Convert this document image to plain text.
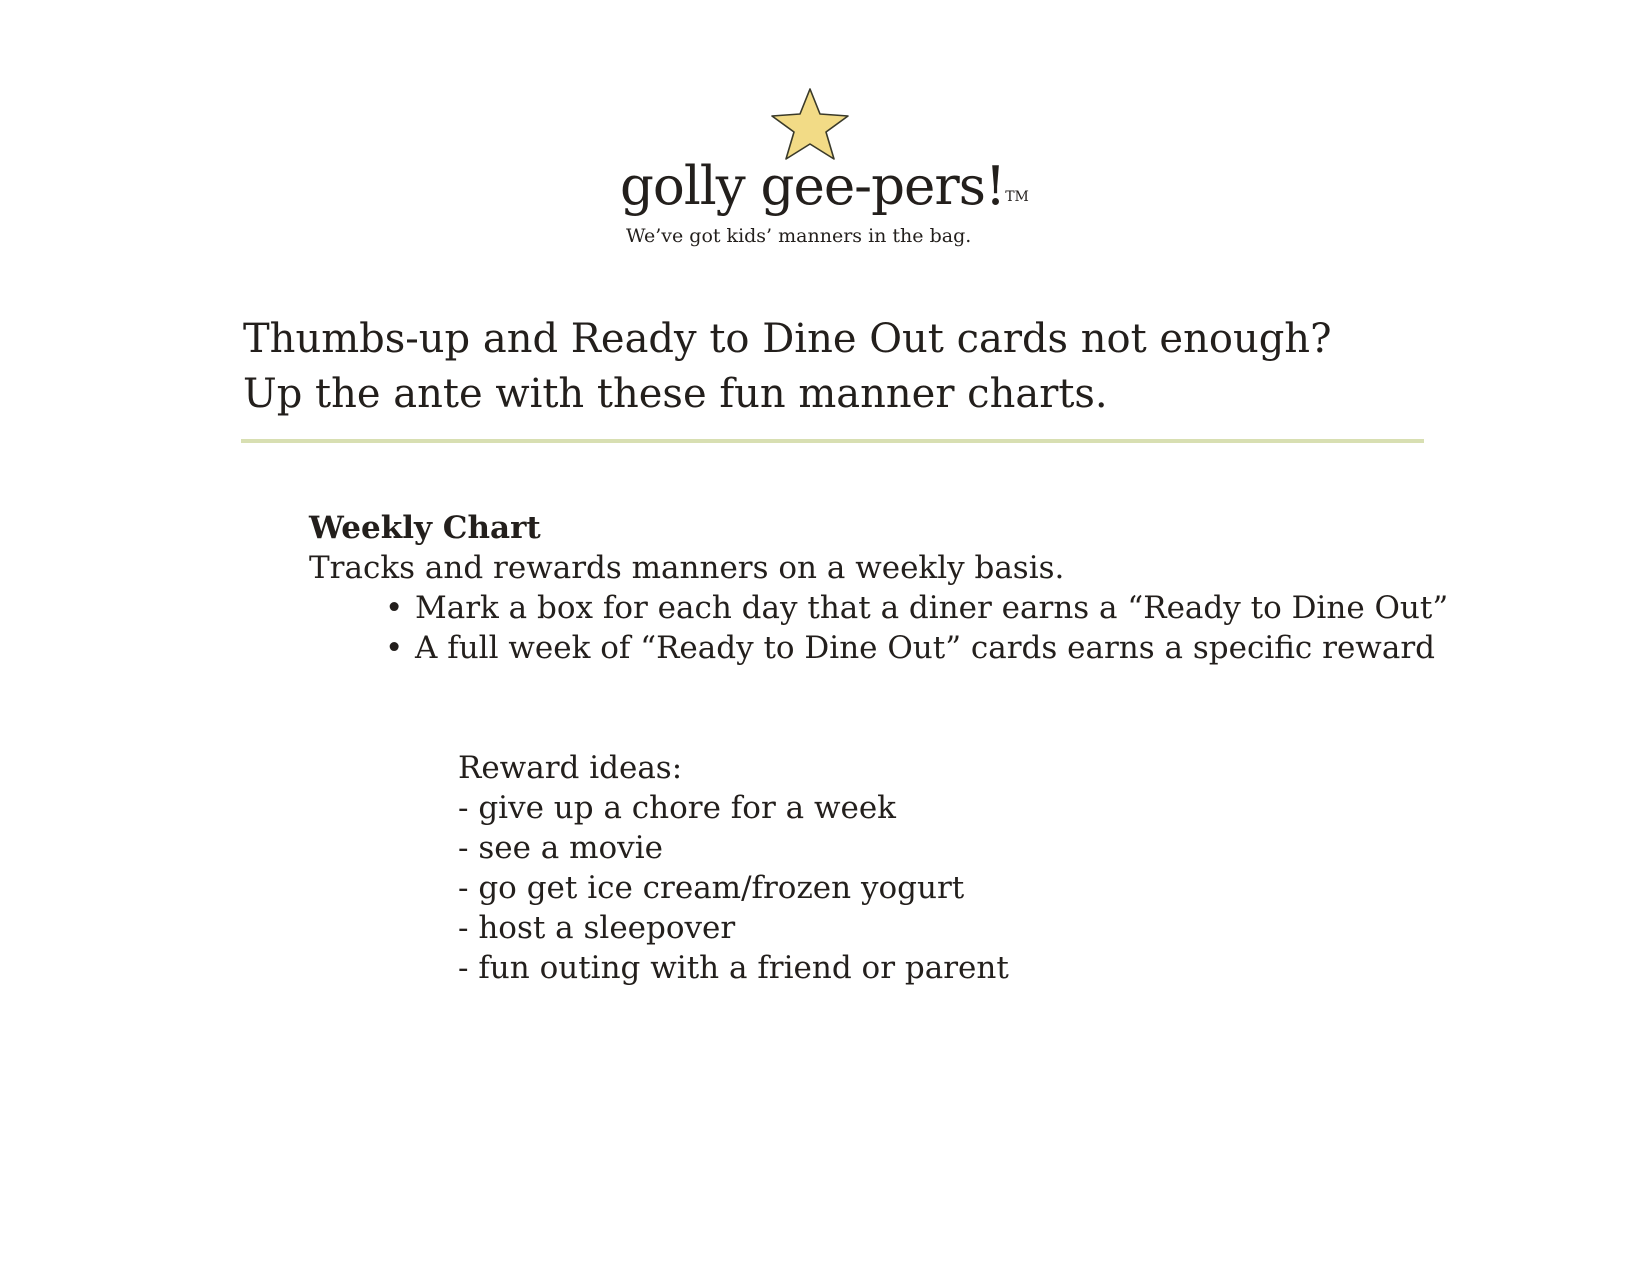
golly gee-pers!™
We’ve got kids’ manners in the bag.
Thumbs-up and Ready to Dine Out cards not enough?
Up the ante with these fun manner charts.
Weekly Chart
Tracks and rewards manners on a weekly basis.
• Mark a box for each day that a diner earns a “Ready to Dine Out”
• A full week of “Ready to Dine Out” cards earns a specific reward
Reward ideas:
- give up a chore for a week
- see a movie
- go get ice cream/frozen yogurt
- host a sleepover
- fun outing with a friend or parent
